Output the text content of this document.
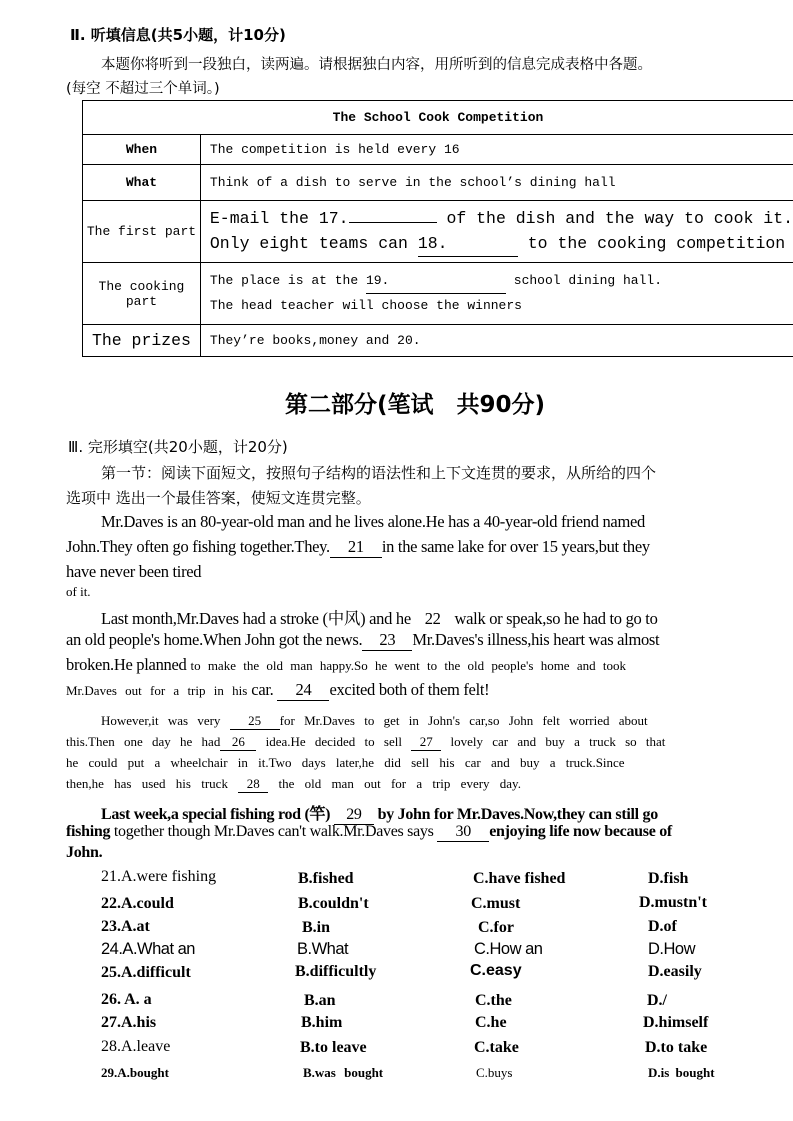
Ⅱ. 听填信息(共5小题，计10分)
本题你将听到一段独白，读两遍。请根据独白内容，用所听到的信息完成表格中各题。
(每空 不超过三个单词。)
The School Cook Competition	
When	The competition is held every 16
What	Think of a dish to serve in the school’s dining hall
The first part	E-mail the 17. of the dish and the way to cook it.
Only eight teams can 18. to the cooking competition

The cooking part	The place is at the 19. school dining hall.
The head teacher will choose the winners

The prizes	They’re books,money and 20.
第二部分(笔试　共90分)
Ⅲ. 完形填空(共20小题，计20分)
第一节：阅读下面短文，按照句子结构的语法性和上下文连贯的要求，从所给的四个
选项中 选出一个最佳答案，使短文连贯完整。
Mr.Daves is an 80-year-old man and he lives alone.He has a 40-year-old friend named
John.They often go fishing together.They. 21 in the same lake for over 15 years,but they
have never been tired
of it.
Last month,Mr.Daves had a stroke (中风) and he 22 walk or speak,so he had to go to
an old people's home.When John got the news. 23 Mr.Daves's illness,his heart was almost
broken.He planned to make the old man happy.So he went to the old people's home and took
Mr.Daves out for a trip in his car. 24 excited both of them felt!
However,it was very 25 for Mr.Daves to get in John's car,so John felt worried about
this.Then one day he had 26 idea.He decided to sell 27 lovely car and buy a truck so that
he could put a wheelchair in it.Two days later,he did sell his car and buy a truck.Since
then,he has used his truck 28 the old man out for a trip every day.
Last week,a special fishing rod (竿) 29 by John for Mr.Daves.Now,they can still go
fishing together though Mr.Daves can't walk.Mr.Daves says 30 enjoying life now because of
John.
21.A.were fishing	B.fished	C.have fished	D.fish
22.A.could	B.couldn't	C.must	D.mustn't
23.A.at	B.in	C.for	D.of
24.A.What an	B.What	C.How an	D.How
25.A.difficult	B.difficultly	C.easy	D.easily
26. A. a	B.an	C.the	D./
27.A.his	B.him	C.he	D.himself
28.A.leave	B.to leave	C.take	D.to take
29.A.bought	B.was bought	C.buys	D.is bought
